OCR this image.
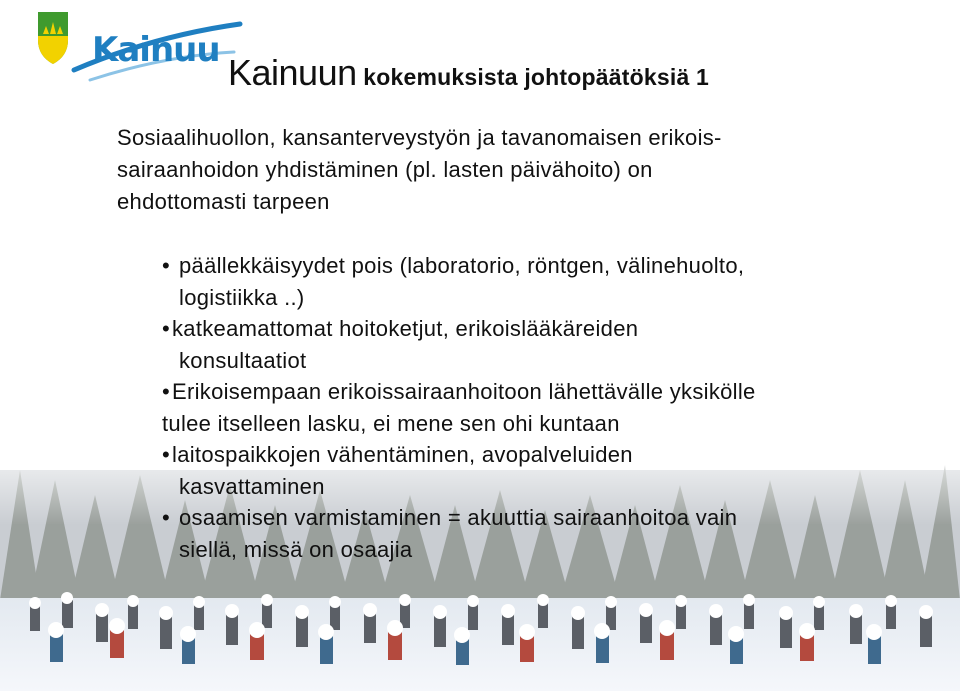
Kainuu
Kainuun kokemuksista johtopäätöksiä 1
Sosiaalihuollon, kansanterveystyön ja tavanomaisen erikois-
sairaanhoidon yhdistäminen (pl. lasten päivähoito) on
ehdottomasti tarpeen
• päällekkäisyydet pois (laboratorio, röntgen, välinehuolto,
logistiikka ..)
•katkeamattomat hoitoketjut, erikoislääkäreiden
konsultaatiot
•Erikoisempaan erikoissairaanhoitoon lähettävälle yksikölle
tulee itselleen lasku, ei mene sen ohi kuntaan
•laitospaikkojen vähentäminen, avopalveluiden
kasvattaminen
• osaamisen varmistaminen = akuuttia sairaanhoitoa vain
siellä, missä on osaajia
